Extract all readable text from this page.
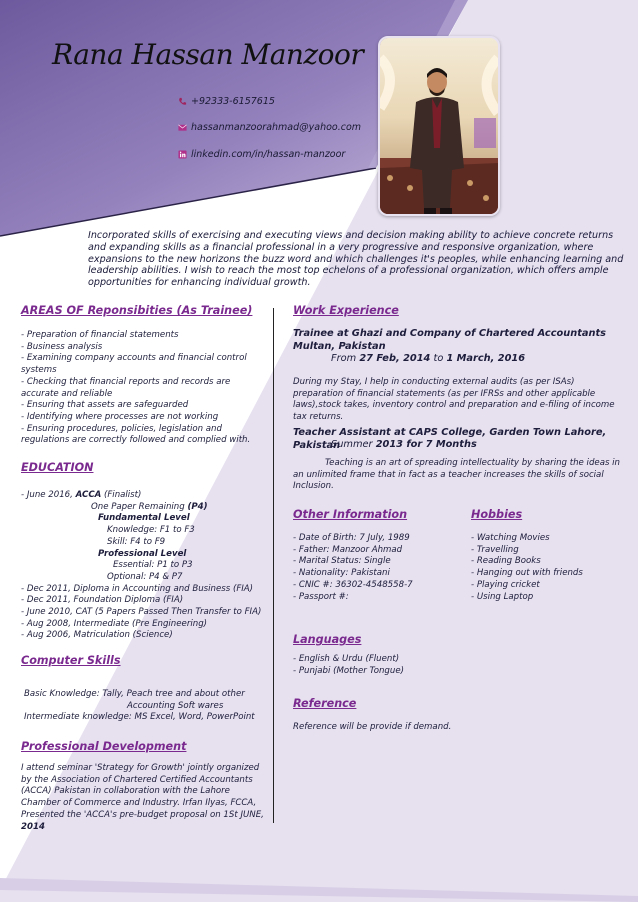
Rana Hassan Manzoor
+92333-6157615
hassanmanzoorahmad@yahoo.com
linkedin.com/in/hassan-manzoor
Incorporated skills of exercising and executing views and decision making ability to achieve concrete returns and expanding skills as a financial professional in a very progressive and responsive organization, where expansions to the new horizons the buzz word and which challenges it's peoples, while enhancing learning and leadership abilities. I wish to reach the most top echelons of a professional organization, which offers ample opportunities for enhancing individual growth.
AREAS OF Reponsibities (As Trainee)
- Preparation of financial statements
- Business analysis
- Examining company accounts and financial control systems
- Checking that financial reports and records are accurate and reliable
- Ensuring that assets are safeguarded
- Identifying where processes are not working
- Ensuring procedures, policies, legislation and regulations are correctly followed and complied with.
EDUCATION
- June 2016, ACCA (Finalist)
One Paper Remaining (P4)
Fundamental Level
Knowledge: F1 to F3
Skill: F4 to F9
Professional Level
Essential: P1 to P3
Optional: P4 & P7
- Dec 2011, Diploma in Accounting and Business (FIA)
- Dec 2011, Foundation Diploma (FIA)
- June 2010, CAT (5 Papers Passed Then Transfer to FIA)
- Aug 2008, Intermediate (Pre Engineering)
- Aug 2006, Matriculation (Science)
Computer Skills
Basic Knowledge: Tally, Peach tree and about other
Accounting Soft wares
Intermediate knowledge: MS Excel, Word, PowerPoint
Professional Development
I attend seminar 'Strategy for Growth' jointly organized by the Association of Chartered Certified Accountants (ACCA) Pakistan in collaboration with the Lahore Chamber of Commerce and Industry. Irfan Ilyas, FCCA, Presented the 'ACCA's pre-budget proposal on 1St JUNE, 2014
Work Experience
Trainee at Ghazi and Company of Chartered Accountants Multan, Pakistan
From 27 Feb, 2014 to 1 March, 2016
During my Stay, I help in conducting external audits (as per ISAs) preparation of financial statements (as per IFRSs and other applicable laws),stock takes, inventory control and preparation and e-filing of income tax returns.
Teacher Assistant at CAPS College, Garden Town Lahore, Pakistan
Summer 2013 for 7 Months
Teaching is an art of spreading intellectuality by sharing the ideas in an unlimited frame that in fact as a teacher increases the skills of social Inclusion.
Other Information
- Date of Birth: 7 July, 1989
- Father: Manzoor Ahmad
- Marital Status: Single
- Nationality: Pakistani
- CNIC #: 36302-4548558-7
- Passport #:
Hobbies
- Watching Movies
- Travelling
- Reading Books
- Hanging out with friends
- Playing cricket
- Using Laptop
Languages
- English & Urdu (Fluent)
- Punjabi (Mother Tongue)
Reference
Reference will be provide if demand.
